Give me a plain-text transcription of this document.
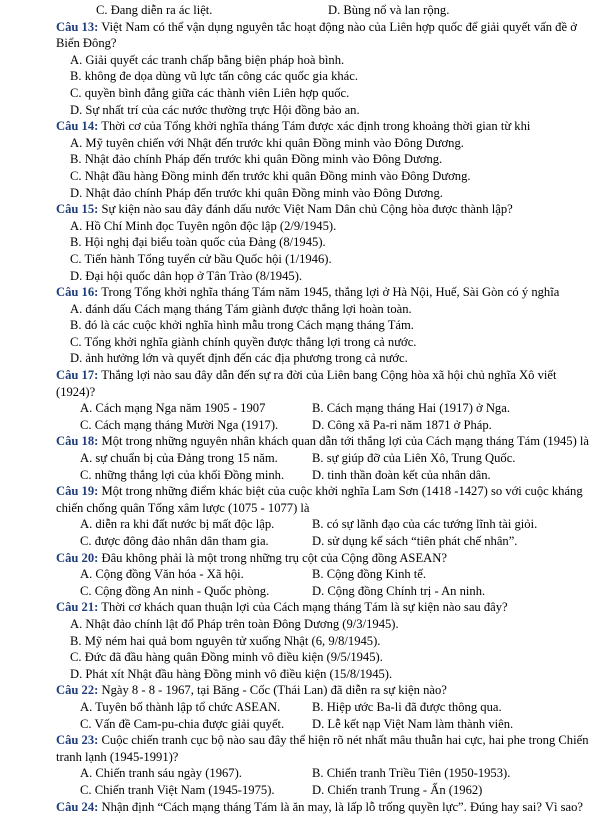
C. Đang diễn ra ác liệt.	D. Bùng nổ và lan rộng.

Câu 13: Việt Nam có thể vận dụng nguyên tắc hoạt động nào của Liên hợp quốc để giải quyết vấn đề ở Biển Đông?

A. Giải quyết các tranh chấp bằng biện pháp hoà bình.
B. không đe dọa dùng vũ lực tấn công các quốc gia khác.
C. quyền bình đẳng giữa các thành viên Liên hợp quốc.
D. Sự nhất trí của các nước thường trực Hội đồng bảo an.

Câu 14: Thời cơ của Tổng khởi nghĩa tháng Tám được xác định trong khoảng thời gian từ khi

A. Mỹ tuyên chiến với Nhật đến trước khi quân Đồng minh vào Đông Dương.
B. Nhật đảo chính Pháp đến trước khi quân Đồng minh vào Đông Dương.
C. Nhật đầu hàng Đồng minh đến trước khi quân Đồng minh vào Đông Dương.
D. Nhật đảo chính Pháp đến trước khi quân Đồng minh vào Đông Dương.

Câu 15: Sự kiện nào sau đây đánh dấu nước Việt Nam Dân chủ Cộng hòa được thành lập?

A. Hồ Chí Minh đọc Tuyên ngôn độc lập (2/9/1945).
B. Hội nghị đại biểu toàn quốc của Đảng (8/1945).
C. Tiến hành Tổng tuyển cử bầu Quốc hội (1/1946).
D. Đại hội quốc dân họp ở Tân Trào (8/1945).

Câu 16: Trong Tổng khởi nghĩa tháng Tám năm 1945, thắng lợi ở Hà Nội, Huế, Sài Gòn có ý nghĩa

A. đánh dấu Cách mạng tháng Tám giành được thắng lợi hoàn toàn.
B. đó là các cuộc khởi nghĩa hình mẫu trong Cách mạng tháng Tám.
C. Tổng khởi nghĩa giành chính quyền được thắng lợi trong cả nước.
D. ảnh hưởng lớn và quyết định đến các địa phương trong cả nước.

Câu 17: Thắng lợi nào sau đây dẫn đến sự ra đời của Liên bang Cộng hòa xã hội chủ nghĩa Xô viết (1924)?

A. Cách mạng Nga năm 1905 - 1907	B. Cách mạng tháng Hai (1917) ở Nga.
C. Cách mạng tháng Mười Nga (1917).	D. Công xã Pa-ri năm 1871 ở Pháp.

Câu 18: Một trong những nguyên nhân khách quan dẫn tới thắng lợi của Cách mạng tháng Tám (1945) là

A. sự chuẩn bị của Đảng trong 15 năm.	B. sự giúp đỡ của Liên Xô, Trung Quốc.
C. những thắng lợi của khối Đồng minh.	D. tinh thần đoàn kết của nhân dân.

Câu 19: Một trong những điểm khác biệt của cuộc khởi nghĩa Lam Sơn (1418 -1427) so với cuộc kháng chiến chống quân Tống xâm lược (1075 - 1077) là

A. diễn ra khi đất nước bị mất độc lập.	B. có sự lãnh đạo của các tướng lĩnh tài giỏi.
C. được đông đảo nhân dân tham gia.	D. sử dụng kế sách “tiên phát chế nhân”.

Câu 20: Đâu không phải là một trong những trụ cột của Cộng đồng ASEAN?

A. Cộng đồng Văn hóa - Xã hội.	B. Cộng đồng Kinh tế.
C. Cộng đồng An ninh - Quốc phòng.	D. Cộng đồng Chính trị - An ninh.

Câu 21: Thời cơ khách quan thuận lợi của Cách mạng tháng Tám là sự kiện nào sau đây?

A. Nhật đảo chính lật đổ Pháp trên toàn Đông Dương (9/3/1945).
B. Mỹ ném hai quả bom nguyên tử xuống Nhật (6, 9/8/1945).
C. Đức đã đầu hàng quân Đồng minh vô điều kiện (9/5/1945).
D. Phát xít Nhật đầu hàng Đồng minh vô điều kiện (15/8/1945).

Câu 22: Ngày 8 - 8 - 1967, tại Băng - Cốc (Thái Lan) đã diễn ra sự kiện nào?

A. Tuyên bố thành lập tổ chức ASEAN.	B. Hiệp ước Ba-li đã được thông qua.
C. Vấn đề Cam-pu-chia được giải quyết.	D. Lễ kết nạp Việt Nam làm thành viên.

Câu 23: Cuộc chiến tranh cục bộ nào sau đây thể hiện rõ nét nhất mâu thuẫn hai cực, hai phe trong Chiến tranh lạnh (1945-1991)?

A. Chiến tranh sáu ngày (1967).	B. Chiến tranh Triều Tiên (1950-1953).
C. Chiến tranh Việt Nam (1945-1975).	D. Chiến tranh Trung - Ấn (1962)

Câu 24: Nhận định “Cách mạng tháng Tám là ăn may, là lấp lỗ trống quyền lực”. Đúng hay sai? Vì sao?
